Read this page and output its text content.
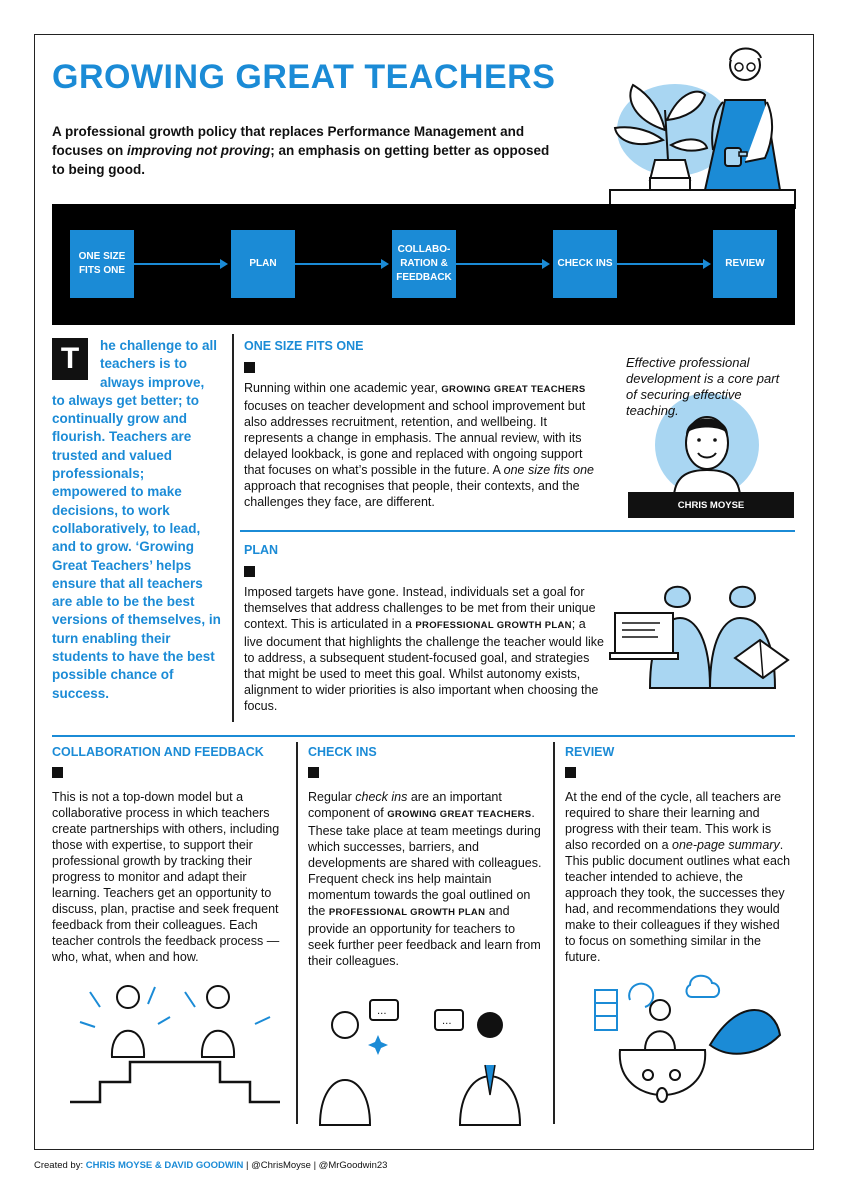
GROWING GREAT TEACHERS
A professional growth policy that replaces Performance Management and focuses on improving not proving; an emphasis on getting better as opposed to being good.
ONE SIZE FITS ONE
PLAN
COLLABO-RATION & FEEDBACK
CHECK INS	REVIEW
T	he challenge to all teachers is to always improve,
to always get better; to continually grow and flourish. Teachers are trusted and valued professionals; empowered to make decisions, to work collaboratively, to lead, and to grow. ‘Growing Great Teachers’ helps ensure that all teachers are able to be the best versions of themselves, in turn enabling their students to have the best possible chance of success.
ONE SIZE FITS ONE
Running within one academic year, GROWING GREAT TEACHERS focuses on teacher development and school improvement but also addresses recruitment, retention, and wellbeing. It represents a change in emphasis. The annual review, with its delayed lookback, is gone and replaced with ongoing support that focuses on what’s possible in the future. A one size fits one approach that recognises that people, their contexts, and the challenges they face, are different.
Effective professional development is a core part of securing effective teaching.
CHRIS MOYSE
PLAN
Imposed targets have gone. Instead, individuals set a goal for themselves that address challenges to be met from their unique context. This is articulated in a PROFESSIONAL GROWTH PLAN; a live document that highlights the challenge the teacher would like to address, a subsequent student-focused goal, and strategies that might be used to meet this goal. Whilst autonomy exists, alignment to wider priorities is also important when choosing the focus.
COLLABORATION AND FEEDBACK
This is not a top-down model but a collaborative process in which teachers create partnerships with others, including those with expertise, to support their professional growth by tracking their progress to monitor and adapt their learning. Teachers get an opportunity to discuss, plan, practise and seek frequent feedback from their colleagues. Each teacher controls the feedback process — who, what, when and how.
CHECK INS
Regular check ins are an important component of GROWING GREAT TEACHERS. These take place at team meetings during which successes, barriers, and developments are shared with colleagues. Frequent check ins help maintain momentum towards the goal outlined on the PROFESSIONAL GROWTH PLAN and provide an opportunity for teachers to seek further peer feedback and learn from their colleagues.
...
...
REVIEW
At the end of the cycle, all teachers are required to share their learning and progress with their team. This work is also recorded on a one-page summary. This public document outlines what each teacher intended to achieve, the approach they took, the successes they had, and recommendations they would make to their colleagues if they wished to focus on something similar in the future.
Created by: CHRIS MOYSE & DAVID GOODWIN | @ChrisMoyse | @MrGoodwin23
